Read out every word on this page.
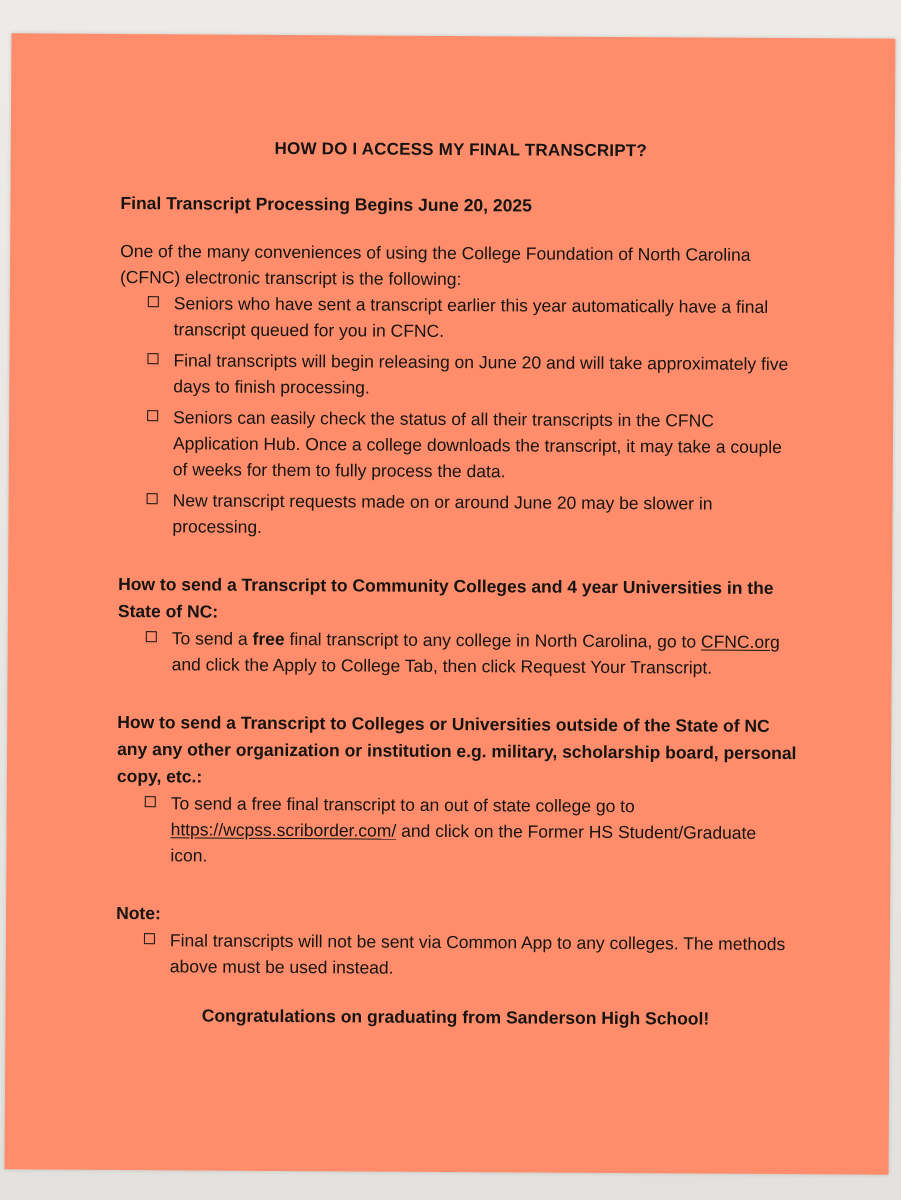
HOW DO I ACCESS MY FINAL TRANSCRIPT?
Final Transcript Processing Begins June 20, 2025

One of the many conveniences of using the College Foundation of North Carolina (CFNC) electronic transcript is the following:

Seniors who have sent a transcript earlier this year automatically have a final transcript queued for you in CFNC.
Final transcripts will begin releasing on June 20 and will take approximately five days to finish processing.
Seniors can easily check the status of all their transcripts in the CFNC Application Hub. Once a college downloads the transcript, it may take a couple of weeks for them to fully process the data.
New transcript requests made on or around June 20 may be slower in processing.
How to send a Transcript to Community Colleges and 4 year Universities in the State of NC:
To send a free final transcript to any college in North Carolina, go to CFNC.org and click the Apply to College Tab, then click Request Your Transcript.
How to send a Transcript to Colleges or Universities outside of the State of NC any any other organization or institution e.g. military, scholarship board, personal copy, etc.:
To send a free final transcript to an out of state college go to https://wcpss.scriborder.com/ and click on the Former HS Student/Graduate icon.
Note:
Final transcripts will not be sent via Common App to any colleges. The methods above must be used instead.
Congratulations on graduating from Sanderson High School!
